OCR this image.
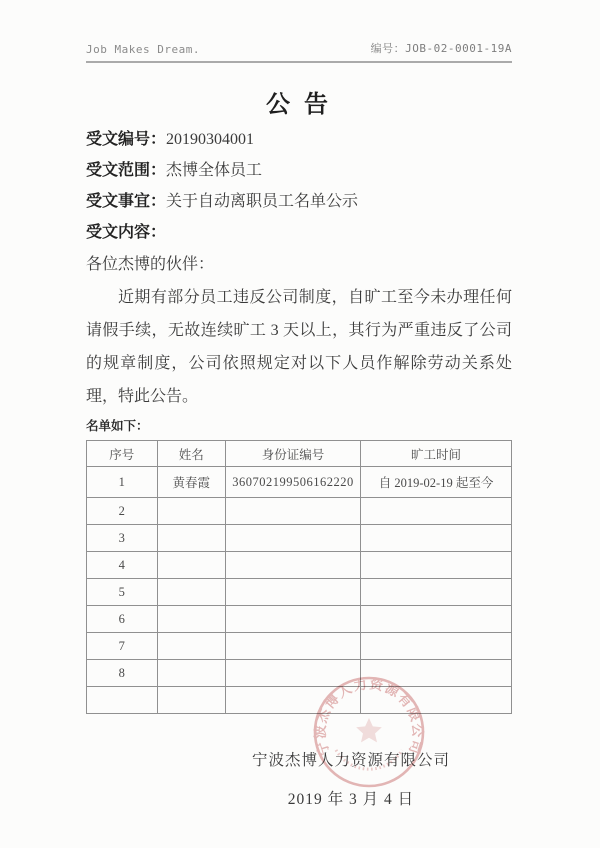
Job Makes Dream.	编号：JOB-02-0001-19A
公 告
受文编号：20190304001
受文范围：杰博全体员工
受文事宜：关于自动离职员工名单公示
受文内容：
各位杰博的伙伴：

近期有部分员工违反公司制度，自旷工至今未办理任何请假手续，无故连续旷工 3 天以上，其行为严重违反了公司的规章制度，公司依照规定对以下人员作解除劳动关系处理，特此公告。

名单如下：
序号	姓名	身份证编号	旷工时间
1	黄春霞	360702199506162220	自 2019-02-19 起至今
2			
3			
4			
5			
6			
7			
8			

宁波杰博人力资源有限公司
2019 年 3 月 4 日
宁波杰博人力资源有限公司
